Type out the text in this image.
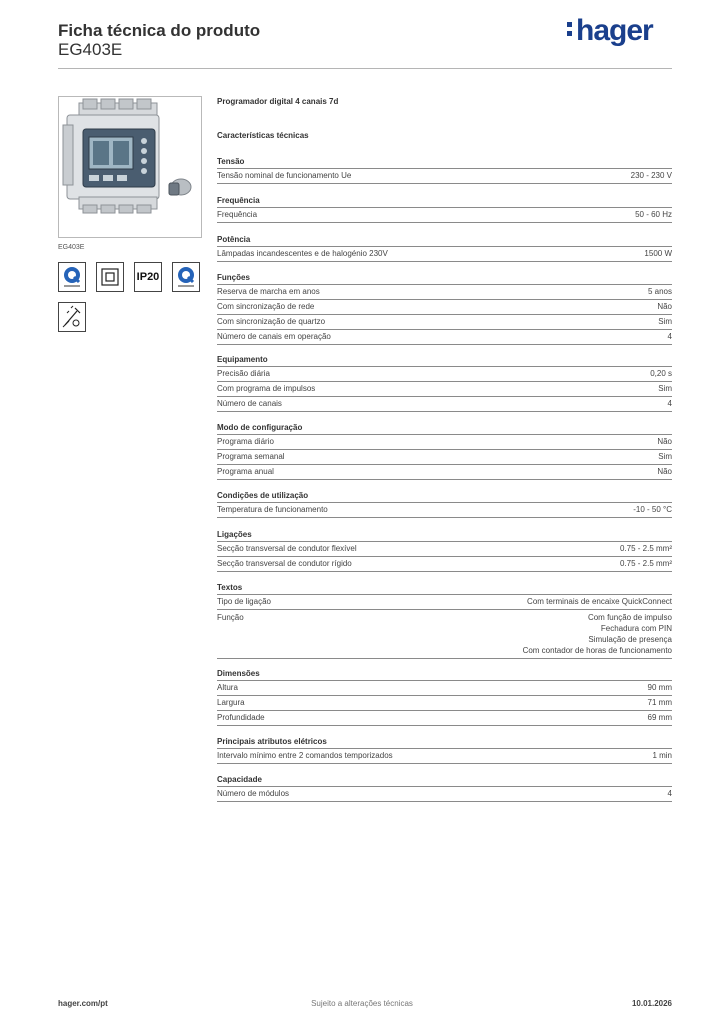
Ficha técnica do produto
EG403E
hager
EG403E
IP20
Programador digital 4 canais 7d
Características técnicas
Tensão
Tensão nominal de funcionamento Ue	230 - 230 V
Frequência
Frequência	50 - 60 Hz
Potência
Lâmpadas incandescentes e de halogénio 230V	1500 W
Funções
Reserva de marcha em anos	5 anos
Com sincronização de rede	Não
Com sincronização de quartzo	Sim
Número de canais em operação	4
Equipamento
Precisão diária	0,20 s
Com programa de impulsos	Sim
Número de canais	4
Modo de configuração
Programa diário	Não
Programa semanal	Sim
Programa anual	Não
Condições de utilização
Temperatura de funcionamento	-10 - 50 °C
Ligações
Secção transversal de condutor flexível	0.75 - 2.5 mm²
Secção transversal de condutor rígido	0.75 - 2.5 mm²
Textos
Tipo de ligação	Com terminais de encaixe QuickConnect
Função	Com função de impulso
Fechadura com PIN
Simulação de presença
Com contador de horas de funcionamento
Dimensões
Altura	90 mm
Largura	71 mm
Profundidade	69 mm
Principais atributos elétricos
Intervalo mínimo entre 2 comandos temporizados	1 min
Capacidade
Número de módulos	4
Sujeito a alterações técnicas
hager.com/pt	10.01.2026
